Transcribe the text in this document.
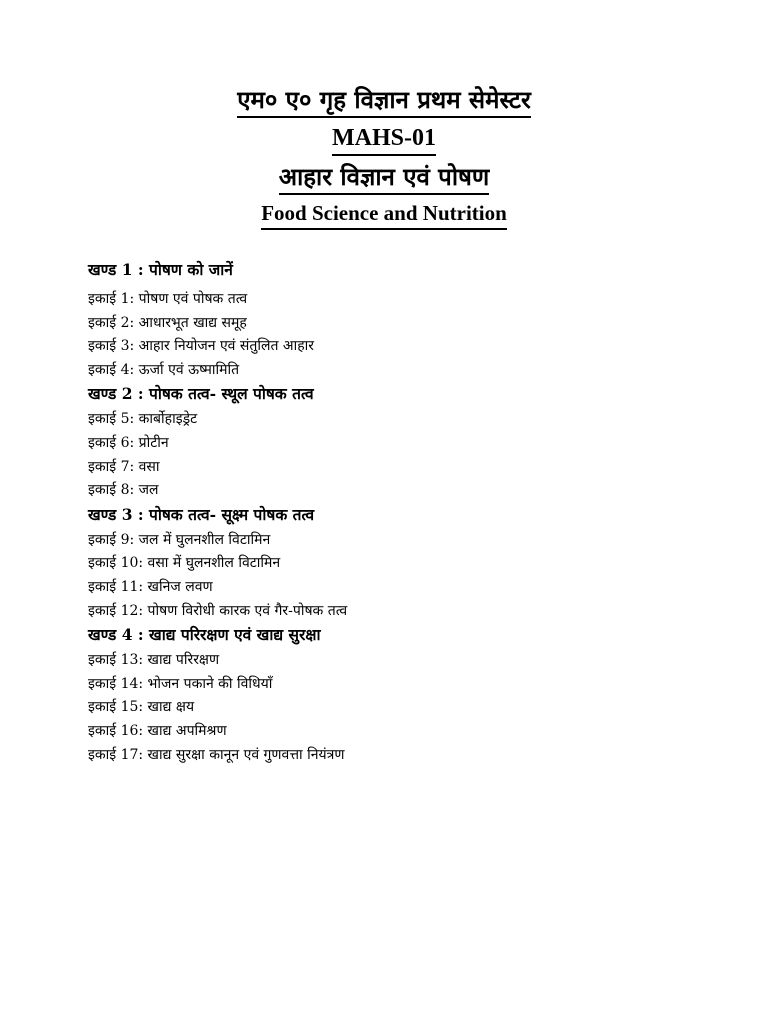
एम० ए० गृह विज्ञान प्रथम सेमेस्टर
MAHS-01
आहार विज्ञान एवं पोषण
Food Science and Nutrition
खण्ड 1 : पोषण को जानें
इकाई 1: पोषण एवं पोषक तत्व
इकाई 2: आधारभूत खाद्य समूह
इकाई 3: आहार नियोजन एवं संतुलित आहार
इकाई 4: ऊर्जा एवं ऊष्मामिति
खण्ड 2 : पोषक तत्व- स्थूल पोषक तत्व
इकाई 5: कार्बोहाइड्रेट
इकाई 6: प्रोटीन
इकाई 7: वसा
इकाई 8: जल
खण्ड 3 : पोषक तत्व- सूक्ष्म पोषक तत्व
इकाई 9: जल में घुलनशील विटामिन
इकाई 10: वसा में घुलनशील विटामिन
इकाई 11: खनिज लवण
इकाई 12: पोषण विरोधी कारक एवं गैर-पोषक तत्व
खण्ड 4 : खाद्य परिरक्षण एवं खाद्य सुरक्षा
इकाई 13: खाद्य परिरक्षण
इकाई 14: भोजन पकाने की विधियाँ
इकाई 15: खाद्य क्षय
इकाई 16: खाद्य अपमिश्रण
इकाई 17: खाद्य सुरक्षा कानून एवं गुणवत्ता नियंत्रण
